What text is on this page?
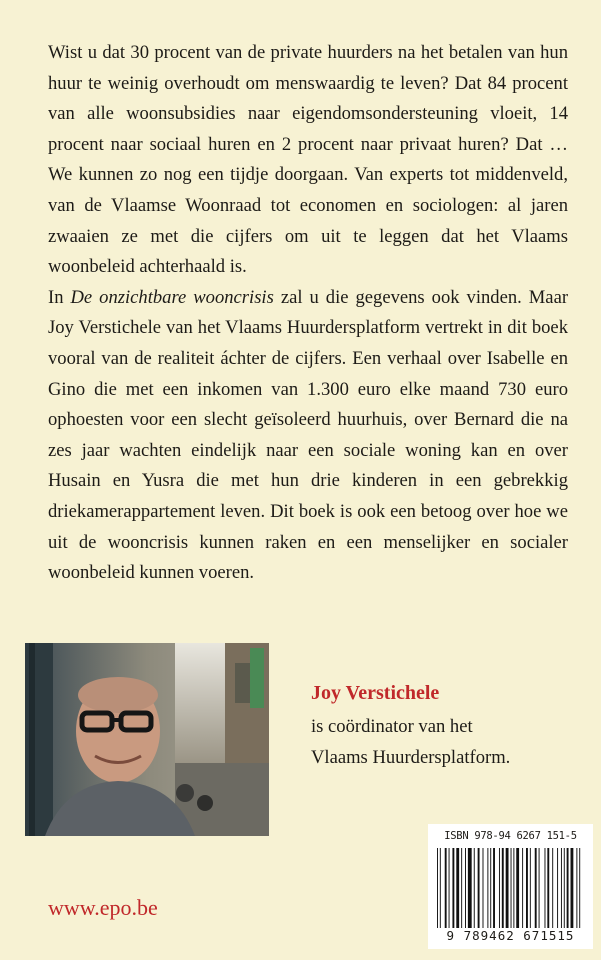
Wist u dat 30 procent van de private huurders na het betalen van hun huur te weinig overhoudt om menswaardig te leven? Dat 84 procent van alle woonsubsidies naar eigendomsondersteuning vloeit, 14 procent naar sociaal huren en 2 procent naar privaat huren? Dat … We kunnen zo nog een tijdje doorgaan. Van experts tot middenveld, van de Vlaamse Woonraad tot economen en sociologen: al jaren zwaaien ze met die cijfers om uit te leggen dat het Vlaams woonbeleid achterhaald is.

In De onzichtbare wooncrisis zal u die gegevens ook vinden. Maar Joy Verstichele van het Vlaams Huurdersplatform vertrekt in dit boek vooral van de realiteit áchter de cijfers. Een verhaal over Isabelle en Gino die met een inkomen van 1.300 euro elke maand 730 euro ophoesten voor een slecht geïsoleerd huurhuis, over Bernard die na zes jaar wachten eindelijk naar een sociale woning kan en over Husain en Yusra die met hun drie kinderen in een gebrekkig driekamerappartement leven. Dit boek is ook een betoog over hoe we uit de wooncrisis kunnen raken en een menselijker en socialer woonbeleid kunnen voeren.

Joy Verstichele
is coördinator van het
Vlaams Huurdersplatform.
www.epo.be
ISBN 978-94 6267 151-5
9 789462 671515
